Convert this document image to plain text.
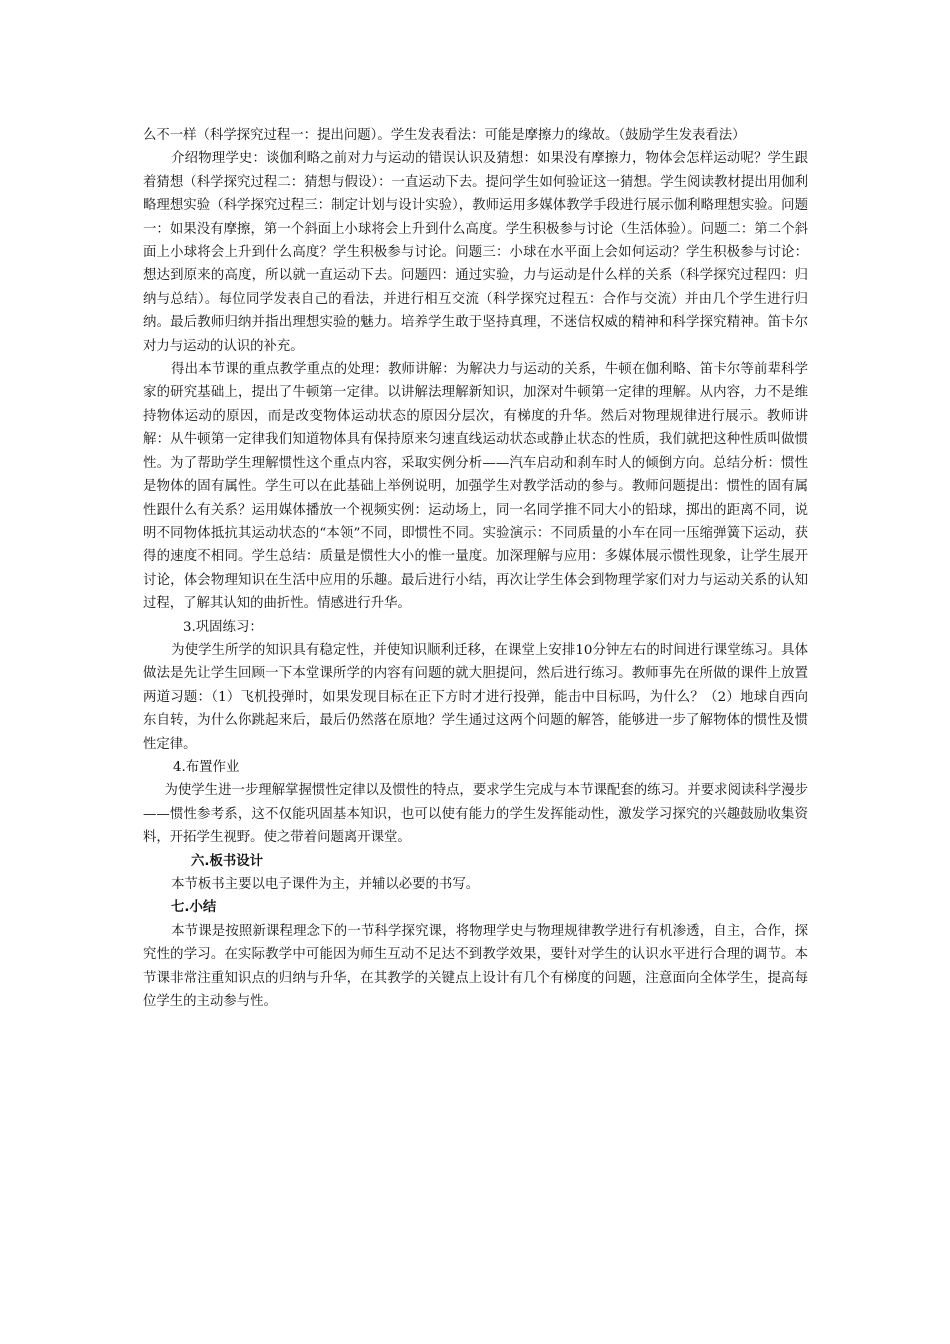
么不一样（科学探究过程一：提出问题）。学生发表看法：可能是摩擦力的缘故。（鼓励学生发表看法）

介绍物理学史：谈伽利略之前对力与运动的错误认识及猜想：如果没有摩擦力，物体会怎样运动呢？学生跟着猜想（科学探究过程二：猜想与假设）：一直运动下去。提问学生如何验证这一猜想。学生阅读教材提出用伽利略理想实验（科学探究过程三：制定计划与设计实验），教师运用多媒体教学手段进行展示伽利略理想实验。问题一：如果没有摩擦，第一个斜面上小球将会上升到什么高度。学生积极参与讨论（生活体验）。问题二：第二个斜面上小球将会上升到什么高度？学生积极参与讨论。问题三：小球在水平面上会如何运动？学生积极参与讨论：想达到原来的高度，所以就一直运动下去。问题四：通过实验，力与运动是什么样的关系（科学探究过程四：归纳与总结）。每位同学发表自己的看法，并进行相互交流（科学探究过程五：合作与交流）并由几个学生进行归纳。最后教师归纳并指出理想实验的魅力。培养学生敢于坚持真理，不迷信权威的精神和科学探究精神。笛卡尔对力与运动的认识的补充。

得出本节课的重点教学重点的处理：教师讲解：为解决力与运动的关系，牛顿在伽利略、笛卡尔等前辈科学家的研究基础上，提出了牛顿第一定律。以讲解法理解新知识，加深对牛顿第一定律的理解。从内容，力不是维持物体运动的原因，而是改变物体运动状态的原因分层次，有梯度的升华。然后对物理规律进行展示。教师讲解：从牛顿第一定律我们知道物体具有保持原来匀速直线运动状态或静止状态的性质，我们就把这种性质叫做惯性。为了帮助学生理解惯性这个重点内容，采取实例分析——汽车启动和刹车时人的倾倒方向。总结分析：惯性是物体的固有属性。学生可以在此基础上举例说明，加强学生对教学活动的参与。教师问题提出：惯性的固有属性跟什么有关系？运用媒体播放一个视频实例：运动场上，同一名同学推不同大小的铅球，掷出的距离不同，说明不同物体抵抗其运动状态的“本领”不同，即惯性不同。实验演示：不同质量的小车在同一压缩弹簧下运动，获得的速度不相同。学生总结：质量是惯性大小的惟一量度。加深理解与应用：多媒体展示惯性现象，让学生展开讨论，体会物理知识在生活中应用的乐趣。最后进行小结，再次让学生体会到物理学家们对力与运动关系的认知过程，了解其认知的曲折性。情感进行升华。

3.巩固练习：

为使学生所学的知识具有稳定性，并使知识顺利迁移，在课堂上安排10分钟左右的时间进行课堂练习。具体做法是先让学生回顾一下本堂课所学的内容有问题的就大胆提问，然后进行练习。教师事先在所做的课件上放置两道习题：（1）飞机投弹时，如果发现目标在正下方时才进行投弹，能击中目标吗，为什么？（2）地球自西向东自转，为什么你跳起来后，最后仍然落在原地？学生通过这两个问题的解答，能够进一步了解物体的惯性及惯性定律。

4.布置作业

为使学生进一步理解掌握惯性定律以及惯性的特点，要求学生完成与本节课配套的练习。并要求阅读科学漫步——惯性参考系，这不仅能巩固基本知识，也可以使有能力的学生发挥能动性，激发学习探究的兴趣鼓励收集资料，开拓学生视野。使之带着问题离开课堂。

六.板书设计

本节板书主要以电子课件为主，并辅以必要的书写。

七.小结

本节课是按照新课程理念下的一节科学探究课，将物理学史与物理规律教学进行有机渗透，自主，合作，探究性的学习。在实际教学中可能因为师生互动不足达不到教学效果，要针对学生的认识水平进行合理的调节。本节课非常注重知识点的归纳与升华，在其教学的关键点上设计有几个有梯度的问题，注意面向全体学生，提高每位学生的主动参与性。
